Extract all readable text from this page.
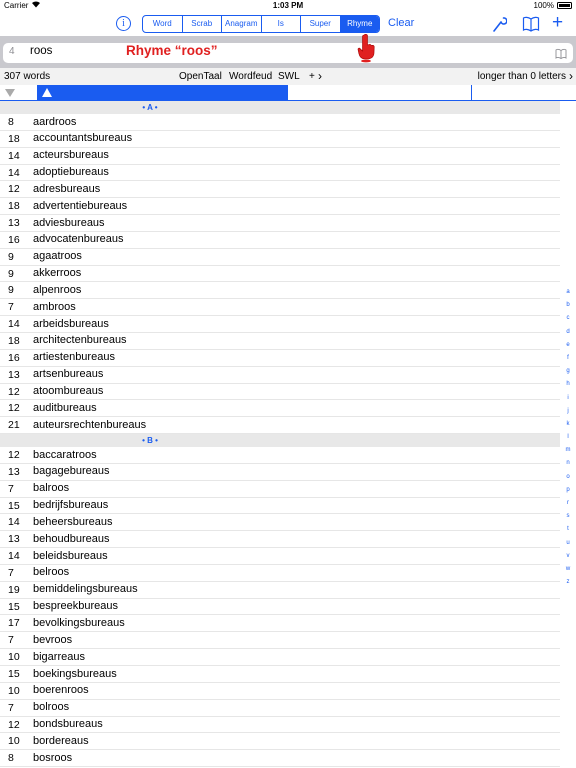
Carrier	1:03 PM	100%
i	Word	Scrab	Anagram	Is	Super	Rhyme	Clear	+
4 roos	Rhyme “roos”
307 words	OpenTaal Wordfeud SWL + ›	longer than 0 letters ›
• A •
8 aardroos
18 accountantsbureaus
14 acteursbureaus
14 adoptiebureaus
12 adresbureaus
18 advertentiebureaus
13 adviesbureaus
16 advocatenbureaus
9 agaatroos
9 akkerroos
9 alpenroos
7 ambroos
14 arbeidsbureaus
18 architectenbureaus
16 artiestenbureaus
13 artsenbureaus
12 atoombureaus
12 auditbureaus
21 auteursrechtenbureaus
• B •
12 baccaratroos
13 bagagebureaus
7 balroos
15 bedrijfsbureaus
14 beheersbureaus
13 behoudbureaus
14 beleidsbureaus
7 belroos
19 bemiddelingsbureaus
15 bespreekbureaus
17 bevolkingsbureaus
7 bevroos
10 bigarreaus
15 boekingsbureaus
10 boerenroos
7 bolroos
12 bondsbureaus
10 bordereaus
8 bosroos
a
b
c
d
e
f
g
h
i
j
k
l
m
n
o
p
r
s
t
u
v
w
z
